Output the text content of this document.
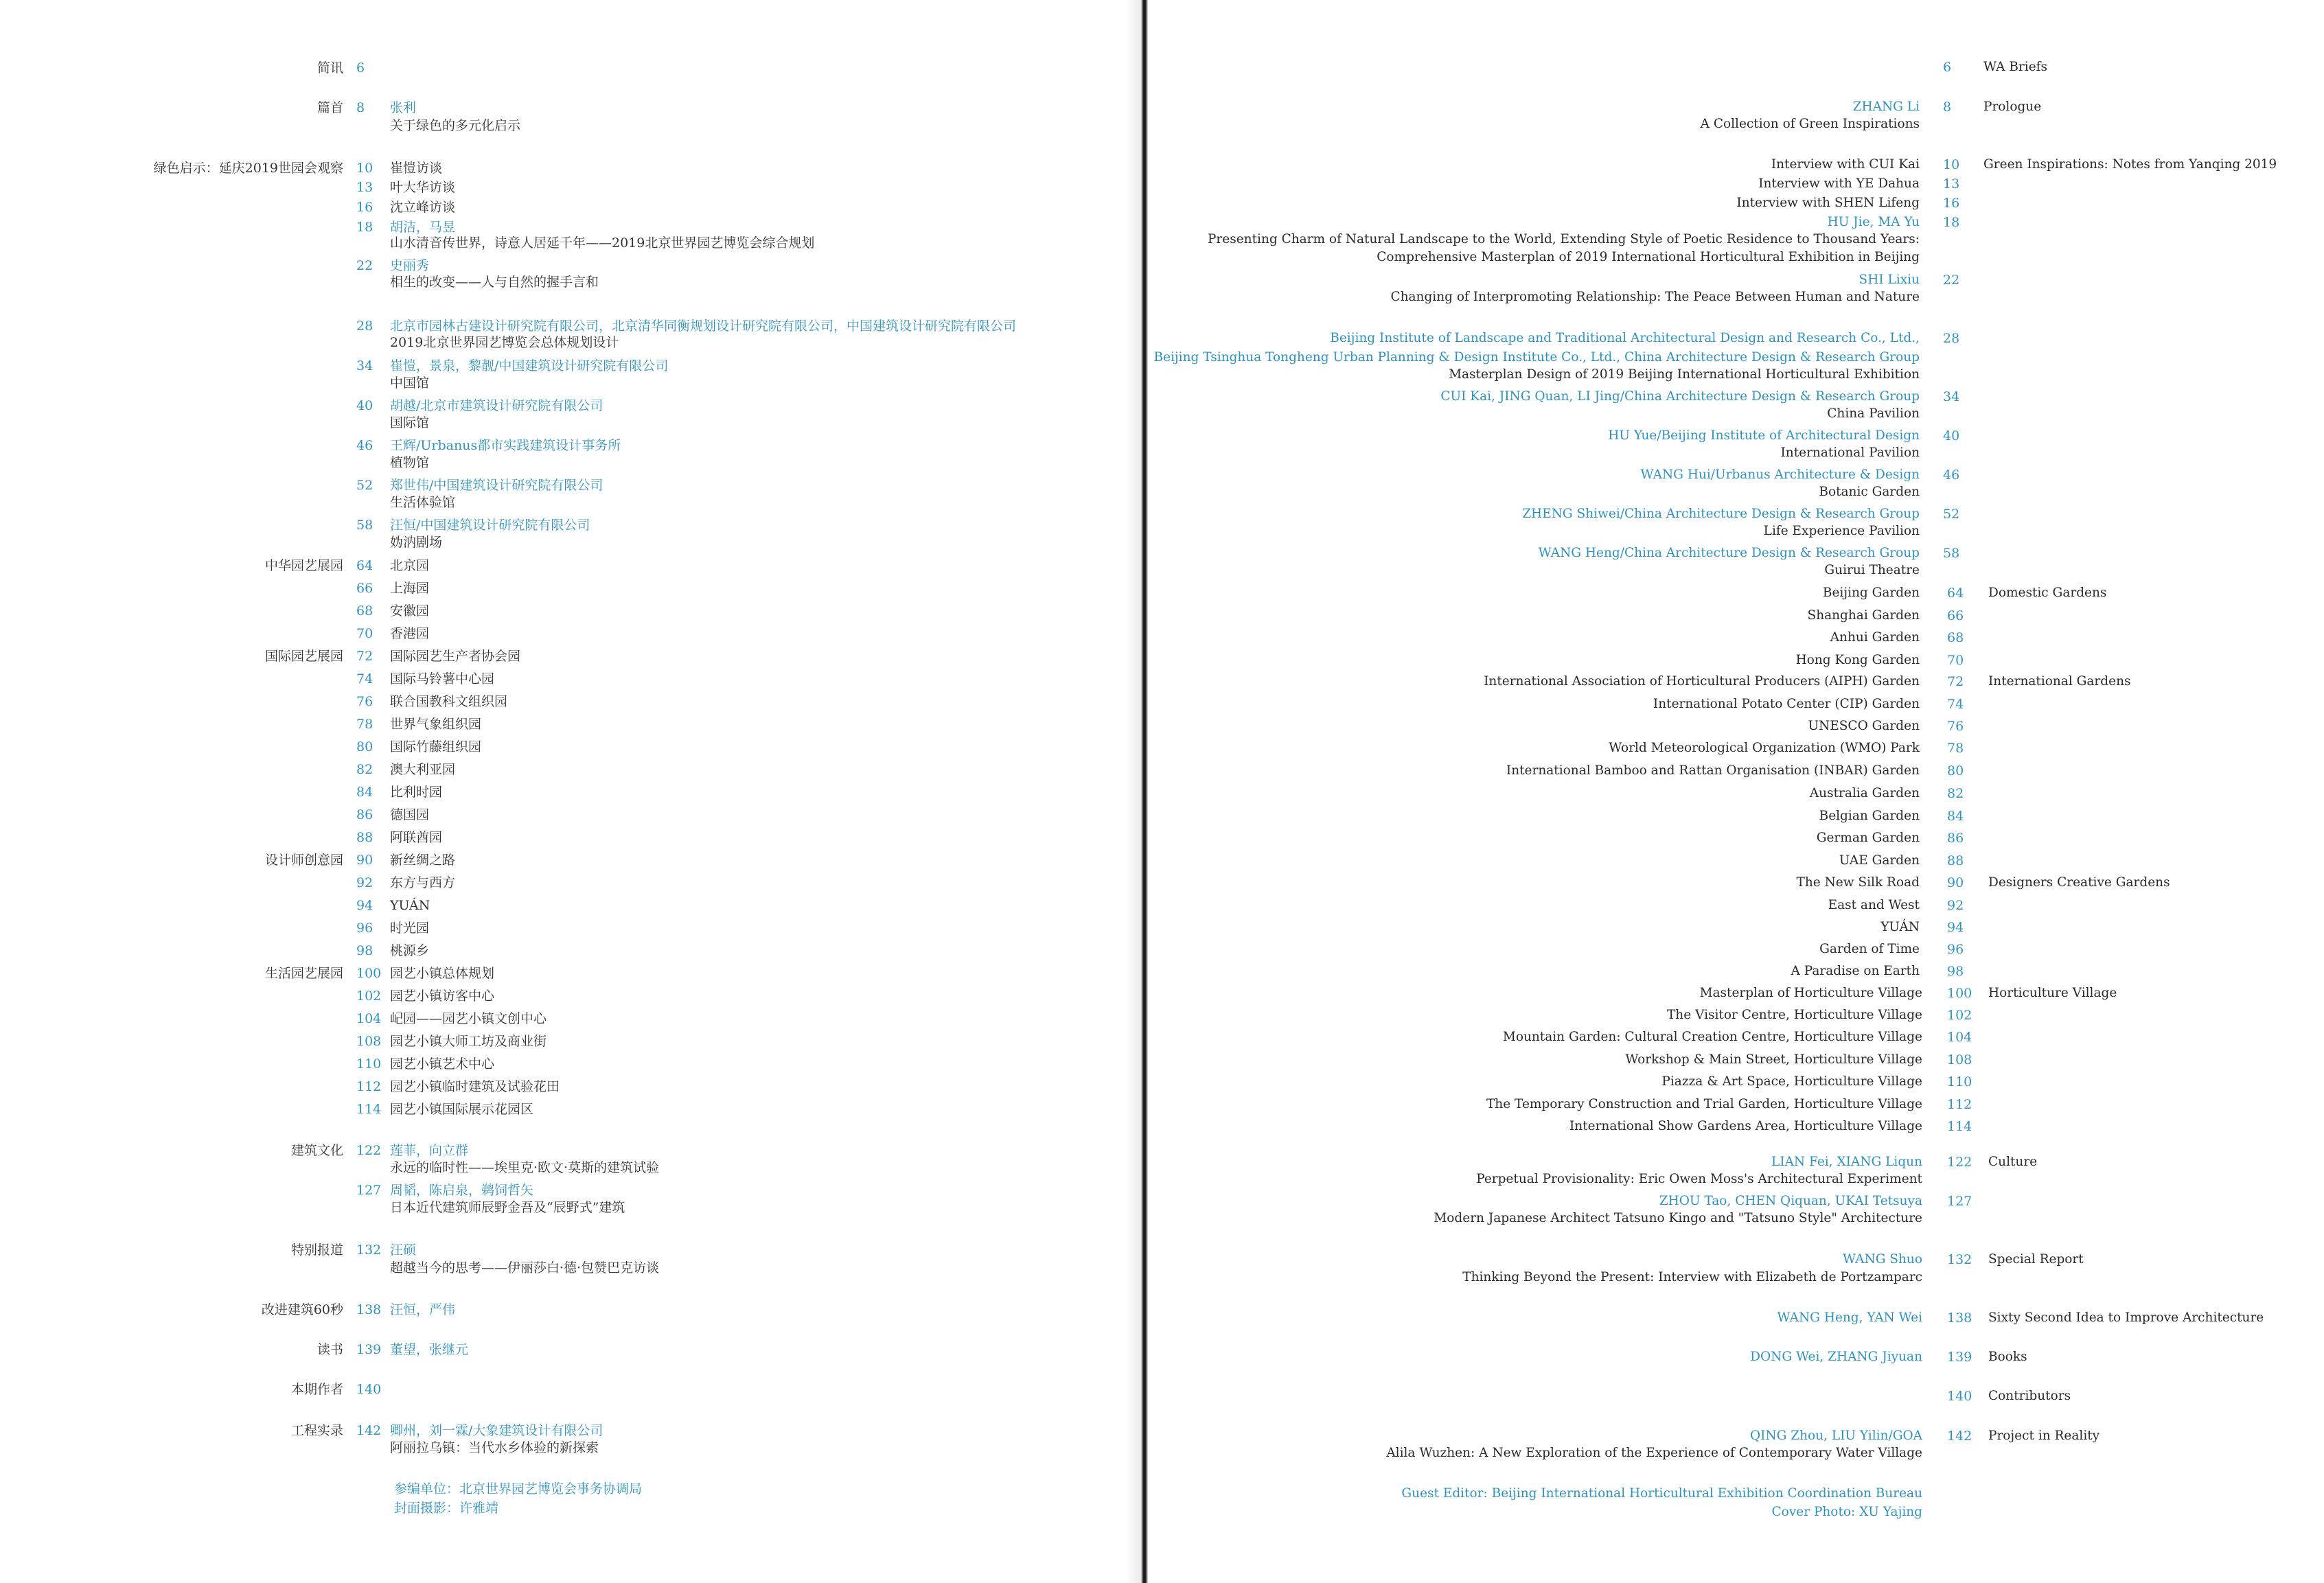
简讯 6
篇首 8 张利
关于绿色的多元化启示
绿色启示：延庆2019世园会观察 10 崔愷访谈
13 叶大华访谈
16 沈立峰访谈
18 胡洁，马昱
山水清音传世界，诗意人居延千年——2019北京世界园艺博览会综合规划
22 史丽秀
相生的改变——人与自然的握手言和
28 北京市园林古建设计研究院有限公司，北京清华同衡规划设计研究院有限公司，中国建筑设计研究院有限公司
2019北京世界园艺博览会总体规划设计
34 崔愷，景泉，黎靓/中国建筑设计研究院有限公司
中国馆
40 胡越/北京市建筑设计研究院有限公司
国际馆
46 王辉/Urbanus都市实践建筑设计事务所
植物馆
52 郑世伟/中国建筑设计研究院有限公司
生活体验馆
58 汪恒/中国建筑设计研究院有限公司
妫汭剧场
中华园艺展园 64 北京园
66 上海园
68 安徽园
70 香港园
国际园艺展园 72 国际园艺生产者协会园
74 国际马铃薯中心园
76 联合国教科文组织园
78 世界气象组织园
80 国际竹藤组织园
82 澳大利亚园
84 比利时园
86 德国园
88 阿联酋园
设计师创意园 90 新丝绸之路
92 东方与西方
94 YUÁN
96 时光园
98 桃源乡
生活园艺展园 100 园艺小镇总体规划
102 园艺小镇访客中心
104 屺园——园艺小镇文创中心
108 园艺小镇大师工坊及商业街
110 园艺小镇艺术中心
112 园艺小镇临时建筑及试验花田
114 园艺小镇国际展示花园区
建筑文化 122 莲菲，向立群
永远的临时性——埃里克·欧文·莫斯的建筑试验
127 周韬，陈启泉，鹈饲哲矢
日本近代建筑师辰野金吾及“辰野式”建筑
特别报道 132 汪硕
超越当今的思考——伊丽莎白·德·包赞巴克访谈
改进建筑60秒 138 汪恒，严伟
读书 139 董望，张继元
本期作者 140
工程实录 142 卿州，刘一霖/大象建筑设计有限公司
阿丽拉乌镇：当代水乡体验的新探索
参编单位：北京世界园艺博览会事务协调局
封面摄影：许雅靖
6	WA Briefs
ZHANG Li 8	Prologue
A Collection of Green Inspirations
Interview with CUI Kai 10 Green Inspirations: Notes from Yanqing 2019
Interview with YE Dahua 13
Interview with SHEN Lifeng 16
HU Jie, MA Yu 18
Presenting Charm of Natural Landscape to the World, Extending Style of Poetic Residence to Thousand Years:
Comprehensive Masterplan of 2019 International Horticultural Exhibition in Beijing
SHI Lixiu 22
Changing of Interpromoting Relationship: The Peace Between Human and Nature
Beijing Institute of Landscape and Traditional Architectural Design and Research Co., Ltd., 28
Beijing Tsinghua Tongheng Urban Planning & Design Institute Co., Ltd., China Architecture Design & Research Group
Masterplan Design of 2019 Beijing International Horticultural Exhibition
CUI Kai, JING Quan, LI Jing/China Architecture Design & Research Group 34
China Pavilion
HU Yue/Beijing Institute of Architectural Design 40
International Pavilion
WANG Hui/Urbanus Architecture & Design 46
Botanic Garden
ZHENG Shiwei/China Architecture Design & Research Group 52
Life Experience Pavilion
WANG Heng/China Architecture Design & Research Group 58
Guirui Theatre
Beijing Garden 64 Domestic Gardens
Shanghai Garden 66
Anhui Garden 68
Hong Kong Garden 70
International Association of Horticultural Producers (AIPH) Garden 72 International Gardens
International Potato Center (CIP) Garden 74
UNESCO Garden 76
World Meteorological Organization (WMO) Park 78
International Bamboo and Rattan Organisation (INBAR) Garden 80
Australia Garden 82
Belgian Garden 84
German Garden 86
UAE Garden 88
The New Silk Road 90 Designers Creative Gardens
East and West 92
YUÁN 94
Garden of Time 96
A Paradise on Earth 98
Masterplan of Horticulture Village 100 Horticulture Village
The Visitor Centre, Horticulture Village 102
Mountain Garden: Cultural Creation Centre, Horticulture Village 104
Workshop & Main Street, Horticulture Village 108
Piazza & Art Space, Horticulture Village 110
The Temporary Construction and Trial Garden, Horticulture Village 112
International Show Gardens Area, Horticulture Village 114
LIAN Fei, XIANG Liqun 122 Culture
Perpetual Provisionality: Eric Owen Moss's Architectural Experiment
ZHOU Tao, CHEN Qiquan, UKAI Tetsuya 127
Modern Japanese Architect Tatsuno Kingo and "Tatsuno Style" Architecture
WANG Shuo 132 Special Report
Thinking Beyond the Present: Interview with Elizabeth de Portzamparc
WANG Heng, YAN Wei 138 Sixty Second Idea to Improve Architecture
DONG Wei, ZHANG Jiyuan 139 Books
140 Contributors
QING Zhou, LIU Yilin/GOA 142 Project in Reality
Alila Wuzhen: A New Exploration of the Experience of Contemporary Water Village
Guest Editor: Beijing International Horticultural Exhibition Coordination Bureau
Cover Photo: XU Yajing
